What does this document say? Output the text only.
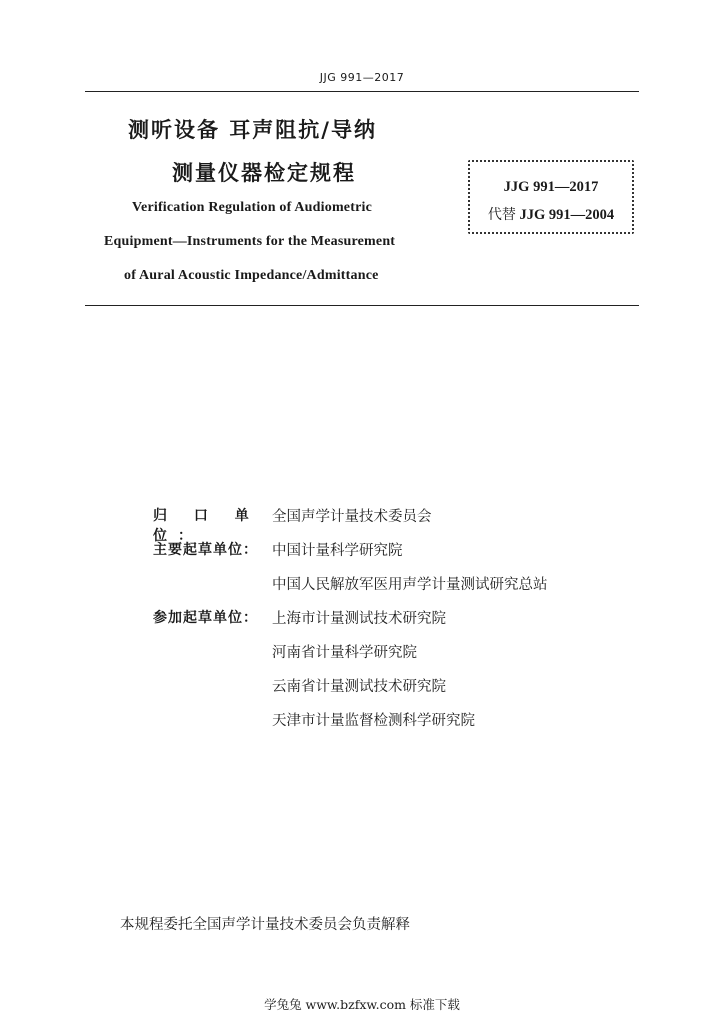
JJG 991—2017
测听设备 耳声阻抗/导纳
测量仪器检定规程
Verification Regulation of Audiometric
Equipment—Instruments for the Measurement
of Aural Acoustic Impedance/Admittance
JJG 991—2017
代替 JJG 991—2004
归 口 单 位：
全国声学计量技术委员会
主要起草单位： 中国计量科学研究院
中国人民解放军医用声学计量测试研究总站
参加起草单位： 上海市计量测试技术研究院
河南省计量科学研究院
云南省计量测试技术研究院
天津市计量监督检测科学研究院
本规程委托全国声学计量技术委员会负责解释
学兔兔 www.bzfxw.com 标准下载
